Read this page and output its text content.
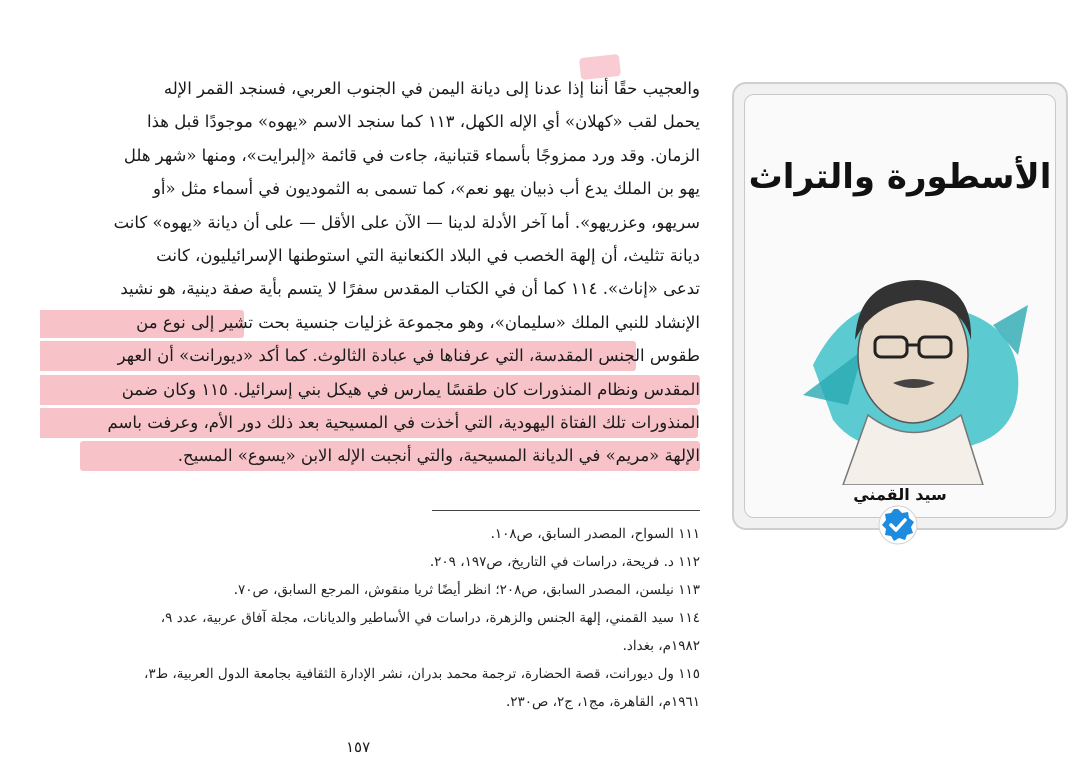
والعجيب حقًا أننا إذا عدنا إلى ديانة اليمن في الجنوب العربي، فسنجد القمر الإله
يحمل لقب «كهلان» أي الإله الكهل، ١١٣ كما سنجد الاسم «يهوه» موجودًا قبل هذا
الزمان. وقد ورد ممزوجًا بأسماء قتبانية، جاءت في قائمة «إلبرايت»، ومنها «شهر هلل
يهو بن الملك يدع أب ذبيان يهو نعم»، كما تسمى به الثموديون في أسماء مثل «أو
سريهو، وعزريهو». أما آخر الأدلة لدينا — الآن على الأقل — على أن ديانة «يهوه» كانت
ديانة تثليث، أن إلهة الخصب في البلاد الكنعانية التي استوطنها الإسرائيليون، كانت
تدعى «إناث». ١١٤ كما أن في الكتاب المقدس سفرًا لا يتسم بأية صفة دينية، هو نشيد
الإنشاد للنبي الملك «سليمان»، وهو مجموعة غزليات جنسية بحت تشير إلى نوع من
طقوس الجنس المقدسة، التي عرفناها في عبادة الثالوث. كما أكد «ديورانت» أن العهر
المقدس ونظام المنذورات كان طقسًا يمارس في هيكل بني إسرائيل. ١١٥ وكان ضمن
المنذورات تلك الفتاة اليهودية، التي أخذت في المسيحية بعد ذلك دور الأم، وعرفت باسم
الإلهة «مريم» في الديانة المسيحية، والتي أنجبت الإله الابن «يسوع» المسيح.
١١١ السواح، المصدر السابق، ص١٠٨.
١١٢ د. فريحة، دراسات في التاريخ، ص١٩٧، ٢٠٩.
١١٣ نيلسن، المصدر السابق، ص٢٠٨؛ انظر أيضًا ثريا منقوش، المرجع السابق، ص٧٠.
١١٤ سيد القمني، إلهة الجنس والزهرة، دراسات في الأساطير والديانات، مجلة آفاق عربية، عدد ٩،
١٩٨٢م، بغداد.
١١٥ ول ديورانت، قصة الحضارة، ترجمة محمد بدران، نشر الإدارة الثقافية بجامعة الدول العربية، ط٣،
١٩٦١م، القاهرة، مج١، ج٢، ص٢٣٠.
١٥٧
الأسطورة والتراث
سيد القمني
